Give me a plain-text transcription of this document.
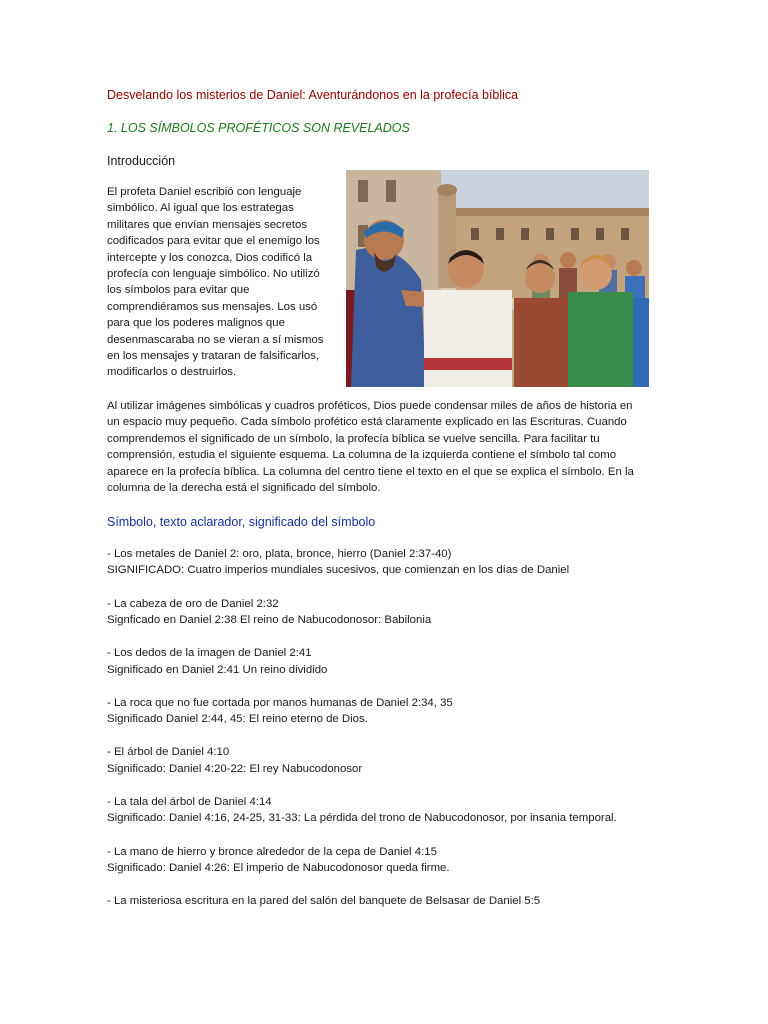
Desvelando los misterios de Daniel: Aventurándonos en la profecía bíblica
1. LOS SÍMBOLOS PROFÉTICOS SON REVELADOS
Introducción
El profeta Daniel escribió con lenguaje
simbólico. Al igual que los estrategas
militares que envían mensajes secretos
codificados para evitar que el enemigo los
intercepte y los conozca, Dios codificó la
profecía con lenguaje simbólico. No utilizó
los símbolos para evitar que
comprendiéramos sus mensajes. Los usó
para que los poderes malignos que
desenmascaraba no se vieran a sí mismos
en los mensajes y trataran de falsificarlos,
modificarlos o destruirlos.
Al utilizar imágenes simbólicas y cuadros proféticos, Dios puede condensar miles de años de historia en
un espacio muy pequeño. Cada símbolo profético está claramente explicado en las Escrituras. Cuando
comprendemos el significado de un símbolo, la profecía bíblica se vuelve sencilla. Para facilitar tu
comprensión, estudia el siguiente esquema. La columna de la izquierda contiene el símbolo tal como
aparece en la profecía bíblica. La columna del centro tiene el texto en el que se explica el símbolo. En la
columna de la derecha está el significado del símbolo.
Símbolo, texto aclarador, significado del símbolo
- Los metales de Daniel 2: oro, plata, bronce, hierro (Daniel 2:37-40)
SIGNIFICADO: Cuatro imperios mundiales sucesivos, que comienzan en los días de Daniel
- La cabeza de oro de Daniel 2:32
Signficado en Daniel 2:38 El reino de Nabucodonosor: Babilonia
- Los dedos de la imagen de Daniel 2:41
Significado en Daniel 2:41 Un reino dividido
- La roca que no fue cortada por manos humanas de Daniel 2:34, 35
Significado Daniel 2:44, 45: El reino eterno de Dios.
- El árbol de Daniel 4:10
Significado: Daniel 4:20-22: El rey Nabucodonosor
- La tala del árbol de Daniel 4:14
Significado: Daniel 4:16, 24-25, 31-33: La pérdida del trono de Nabucodonosor, por insania temporal.
- La mano de hierro y bronce alrededor de la cepa de Daniel 4:15
Significado: Daniel 4:26: El imperio de Nabucodonosor queda firme.
- La misteriosa escritura en la pared del salón del banquete de Belsasar de Daniel 5:5
